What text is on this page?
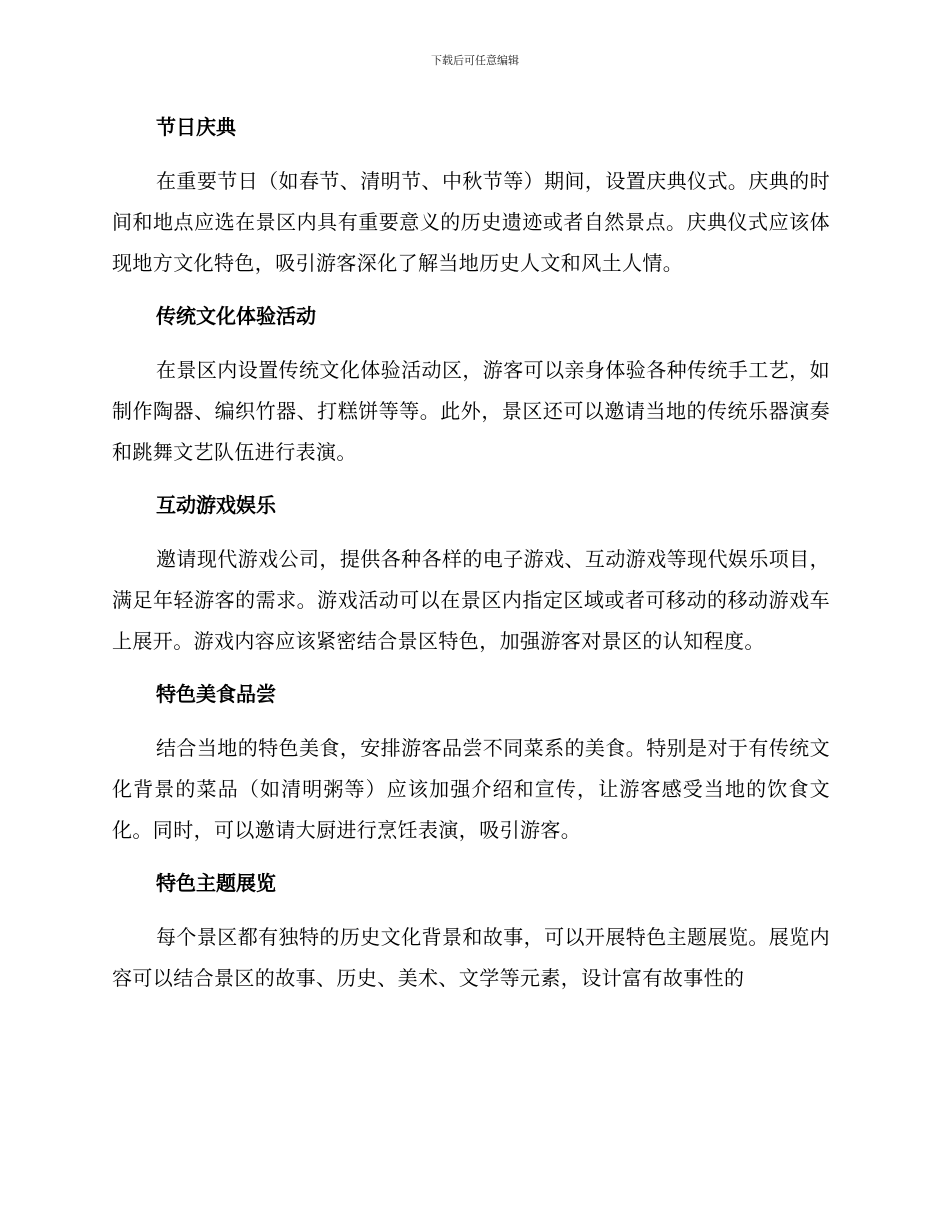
下载后可任意编辑
节日庆典

在重要节日（如春节、清明节、中秋节等）期间，设置庆典仪式。庆典的时间和地点应选在景区内具有重要意义的历史遗迹或者自然景点。庆典仪式应该体现地方文化特色，吸引游客深化了解当地历史人文和风土人情。

传统文化体验活动

在景区内设置传统文化体验活动区，游客可以亲身体验各种传统手工艺，如制作陶器、编织竹器、打糕饼等等。此外，景区还可以邀请当地的传统乐器演奏和跳舞文艺队伍进行表演。

互动游戏娱乐

邀请现代游戏公司，提供各种各样的电子游戏、互动游戏等现代娱乐项目，满足年轻游客的需求。游戏活动可以在景区内指定区域或者可移动的移动游戏车上展开。游戏内容应该紧密结合景区特色，加强游客对景区的认知程度。

特色美食品尝

结合当地的特色美食，安排游客品尝不同菜系的美食。特别是对于有传统文化背景的菜品（如清明粥等）应该加强介绍和宣传，让游客感受当地的饮食文化。同时，可以邀请大厨进行烹饪表演，吸引游客。

特色主题展览

每个景区都有独特的历史文化背景和故事，可以开展特色主题展览。展览内容可以结合景区的故事、历史、美术、文学等元素，设计富有故事性的
